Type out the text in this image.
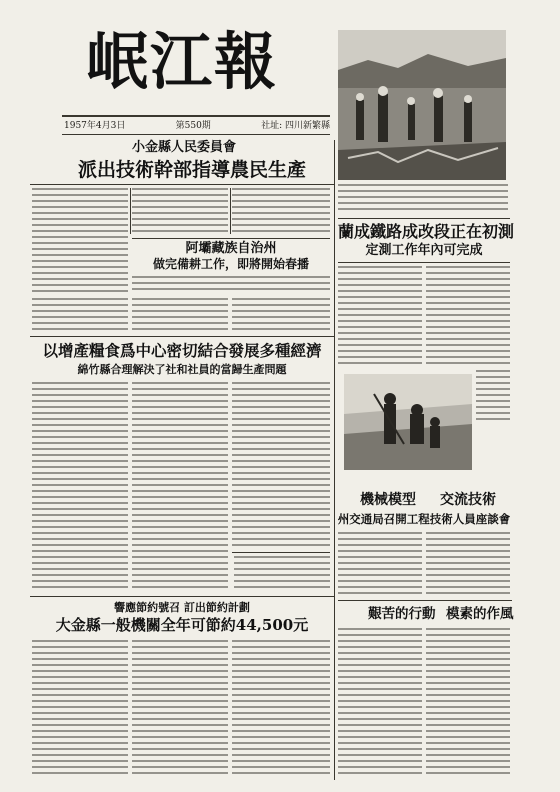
岷江報
1957年4月3日	第550期	社址: 四川新繁縣
小金縣人民委員會
派出技術幹部指導農民生產
阿壩藏族自治州
做完備耕工作，即將開始春播
蘭成鐵路成改段正在初測
定測工作年內可完成
以增產糧食爲中心密切結合發展多種經濟
綿竹縣合理解決了社和社員的當歸生產問題
機械模型 交流技術
州交通局召開工程技術人員座談會
艱苦的行動 模素的作風
響應節約號召 訂出節約計劃
大金縣一般機關全年可節約44,500元
